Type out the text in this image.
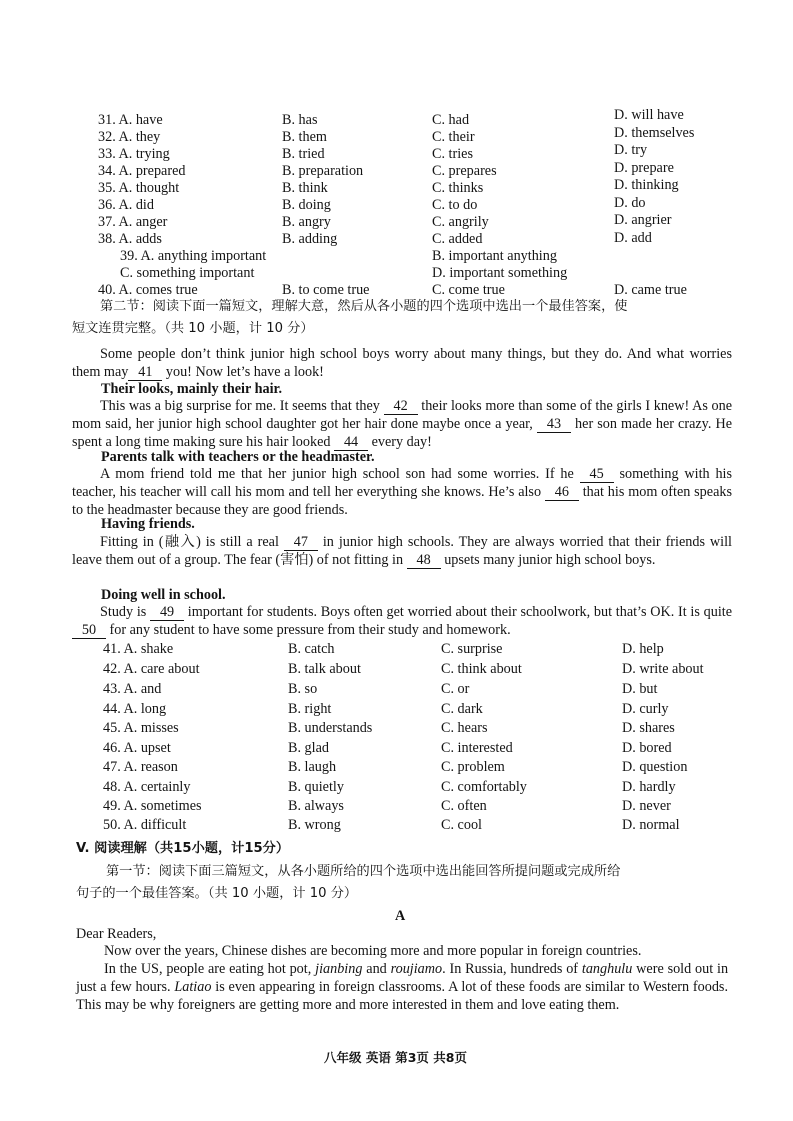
31. A. have	B. has	C. had	D. will have
32. A. they	B. them	C. their	D. themselves
33. A. trying	B. tried	C. tries	D. try
34. A. prepared	B. preparation	C. prepares	D. prepare
35. A. thought	B. think	C. thinks	D. thinking
36. A. did	B. doing	C. to do	D. do
37. A. anger	B. angry	C. angrily	D. angrier
38. A. adds	B. adding	C. added	D. add
39. A. anything important	B. important anything
C. something important	D. important something
40. A. comes true	B. to come true	C. come true	D. came true
第二节：阅读下面一篇短文，理解大意，然后从各小题的四个选项中选出一个最佳答案，使
短文连贯完整。（共 10 小题，计 10 分）
Some people don’t think junior high school boys worry about many things, but they do. And what worries them may 41 you! Now let’s have a look!
Their looks, mainly their hair.
This was a big surprise for me. It seems that they 42 their looks more than some of the girls I knew! As one mom said, her junior high school daughter got her hair done maybe once a year, 43 her son made her crazy. He spent a long time making sure his hair looked 44 every day!
Parents talk with teachers or the headmaster.
A mom friend told me that her junior high school son had some worries. If he 45 something with his teacher, his teacher will call his mom and tell her everything she knows. He’s also 46 that his mom often speaks to the headmaster because they are good friends.
Having friends.
Fitting in (融入) is still a real 47 in junior high schools. They are always worried that their friends will leave them out of a group. The fear (害怕) of not fitting in 48 upsets many junior high school boys.
Doing well in school.
Study is 49 important for students. Boys often get worried about their schoolwork, but that’s OK. It is quite 50 for any student to have some pressure from their study and homework.
41. A. shake	B. catch	C. surprise	D. help
42. A. care about	B. talk about	C. think about	D. write about
43. A. and	B. so	C. or	D. but
44. A. long	B. right	C. dark	D. curly
45. A. misses	B. understands	C. hears	D. shares
46. A. upset	B. glad	C. interested	D. bored
47. A. reason	B. laugh	C. problem	D. question
48. A. certainly	B. quietly	C. comfortably	D. hardly
49. A. sometimes	B. always	C. often	D. never
50. A. difficult	B. wrong	C. cool	D. normal
V. 阅读理解（共15小题，计15分）
第一节：阅读下面三篇短文，从各小题所给的四个选项中选出能回答所提问题或完成所给
句子的一个最佳答案。（共 10 小题，计 10 分）
A
Dear Readers,
Now over the years, Chinese dishes are becoming more and more popular in foreign countries.
In the US, people are eating hot pot, jianbing and roujiamo. In Russia, hundreds of tanghulu were sold out in just a few hours. Latiao is even appearing in foreign classrooms. A lot of these foods are similar to Western foods. This may be why foreigners are getting more and more interested in them and love eating them.
八年级 英语 第3页 共8页
